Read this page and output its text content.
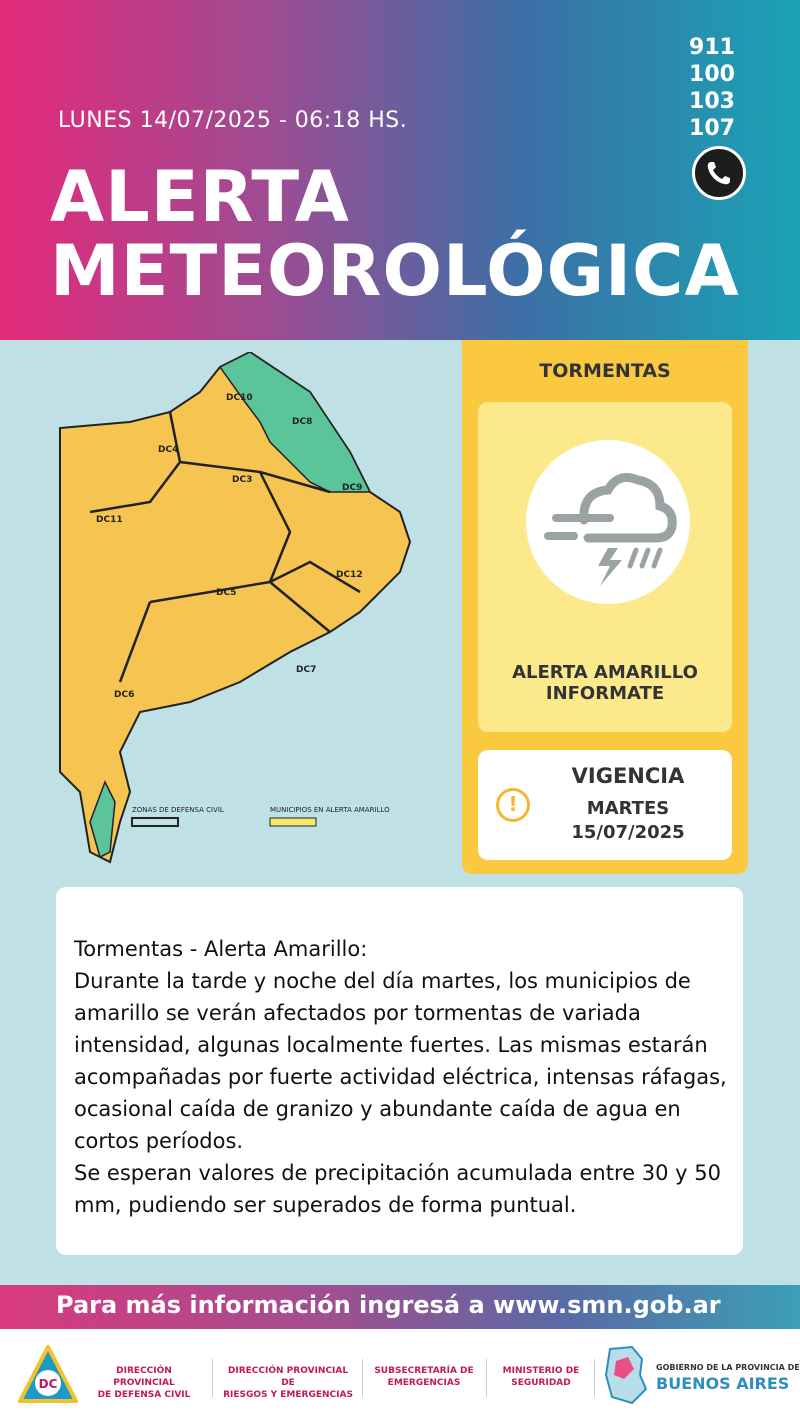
LUNES 14/07/2025 - 06:18 HS.
911
100
103
107
ALERTA
METEOROLÓGICA
DC10
DC8
DC4
DC3
DC9
DC11
DC12
DC5
DC7
DC6
ZONAS DE DEFENSA CIVIL	MUNICIPIOS EN ALERTA AMARILLO
TORMENTAS
ALERTA AMARILLO
INFORMATE
!
VIGENCIA
MARTES
15/07/2025

Tormentas - Alerta Amarillo:
Durante la tarde y noche del día martes, los municipios de amarillo se verán afectados por tormentas de variada intensidad, algunas localmente fuertes. Las mismas estarán acompañadas por fuerte actividad eléctrica, intensas ráfagas, ocasional caída de granizo y abundante caída de agua en cortos períodos.
Se esperan valores de precipitación acumulada entre 30 y 50 mm, pudiendo ser superados de forma puntual.

Para más información ingresá a www.smn.gob.ar
DC
DIRECCIÓN PROVINCIAL
DE DEFENSA CIVIL
DIRECCIÓN PROVINCIAL DE
RIESGOS Y EMERGENCIAS
SUBSECRETARÍA DE
EMERGENCIAS
MINISTERIO DE
SEGURIDAD
GOBIERNO DE LA PROVINCIA DE
BUENOS AIRES
